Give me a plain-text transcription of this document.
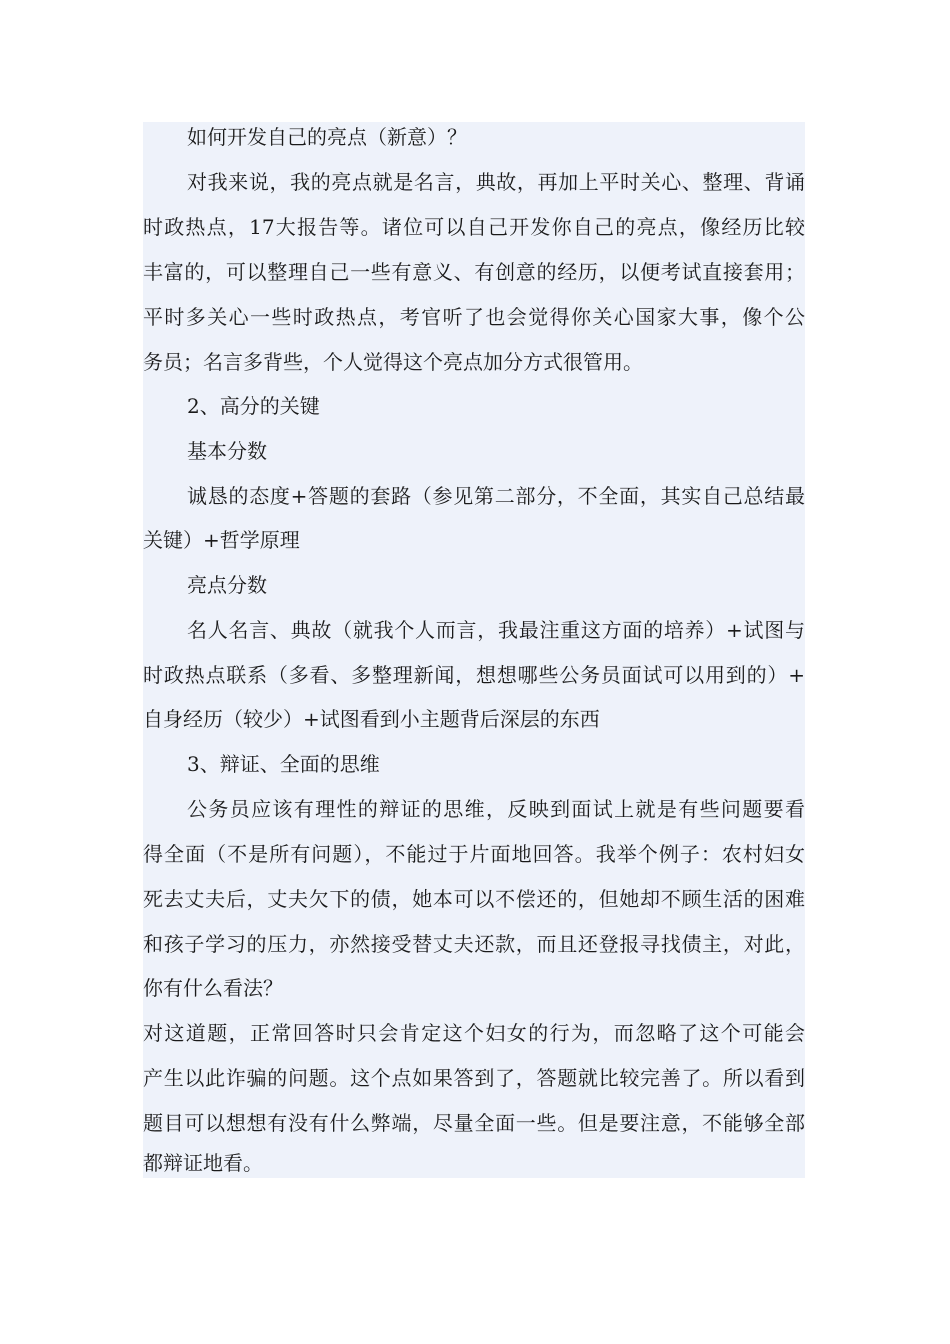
如何开发自己的亮点（新意）？
对我来说，我的亮点就是名言，典故，再加上平时关心、整理、背诵
时政热点，17大报告等。诸位可以自己开发你自己的亮点，像经历比较
丰富的，可以整理自己一些有意义、有创意的经历，以便考试直接套用；
平时多关心一些时政热点，考官听了也会觉得你关心国家大事，像个公
务员；名言多背些，个人觉得这个亮点加分方式很管用。
2、高分的关键
基本分数
诚恳的态度+答题的套路（参见第二部分，不全面，其实自己总结最
关键）+哲学原理
亮点分数
名人名言、典故（就我个人而言，我最注重这方面的培养）+试图与
时政热点联系（多看、多整理新闻，想想哪些公务员面试可以用到的）+
自身经历（较少）+试图看到小主题背后深层的东西
3、辩证、全面的思维
公务员应该有理性的辩证的思维，反映到面试上就是有些问题要看
得全面（不是所有问题），不能过于片面地回答。我举个例子：农村妇女
死去丈夫后，丈夫欠下的债，她本可以不偿还的，但她却不顾生活的困难
和孩子学习的压力，亦然接受替丈夫还款，而且还登报寻找债主，对此，
你有什么看法？
对这道题，正常回答时只会肯定这个妇女的行为，而忽略了这个可能会
产生以此诈骗的问题。这个点如果答到了，答题就比较完善了。所以看到
题目可以想想有没有什么弊端，尽量全面一些。但是要注意，不能够全部
都辩证地看。
